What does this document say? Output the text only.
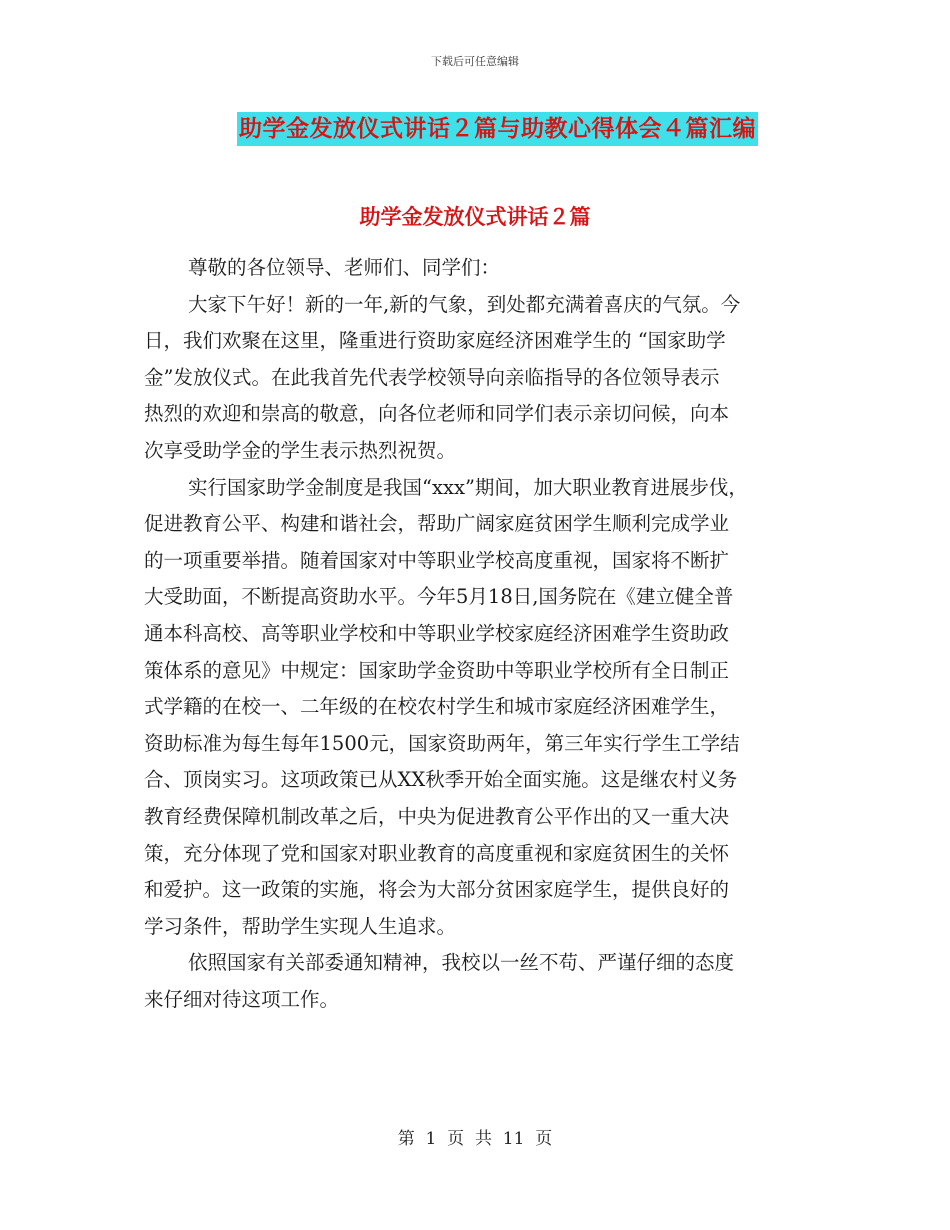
下载后可任意编辑
助学金发放仪式讲话２篇与助教心得体会４篇汇编
助学金发放仪式讲话２篇
尊敬的各位领导、老师们、同学们：
大家下午好！新的一年,新的气象，到处都充满着喜庆的气氛。今
日，我们欢聚在这里，隆重进行资助家庭经济困难学生的 “国家助学
金”发放仪式。在此我首先代表学校领导向亲临指导的各位领导表示
热烈的欢迎和崇高的敬意，向各位老师和同学们表示亲切问候，向本
次享受助学金的学生表示热烈祝贺。
实行国家助学金制度是我国“xxx”期间，加大职业教育进展步伐，
促进教育公平、构建和谐社会，帮助广阔家庭贫困学生顺利完成学业
的一项重要举措。随着国家对中等职业学校高度重视，国家将不断扩
大受助面，不断提高资助水平。今年5月18日,国务院在《建立健全普
通本科高校、高等职业学校和中等职业学校家庭经济困难学生资助政
策体系的意见》中规定：国家助学金资助中等职业学校所有全日制正
式学籍的在校一、二年级的在校农村学生和城市家庭经济困难学生，
资助标准为每生每年1500元，国家资助两年，第三年实行学生工学结
合、顶岗实习。这项政策已从XX秋季开始全面实施。这是继农村义务
教育经费保障机制改革之后，中央为促进教育公平作出的又一重大决
策，充分体现了党和国家对职业教育的高度重视和家庭贫困生的关怀
和爱护。这一政策的实施，将会为大部分贫困家庭学生，提供良好的
学习条件，帮助学生实现人生追求。
依照国家有关部委通知精神，我校以一丝不苟、严谨仔细的态度
来仔细对待这项工作。
第  1  页  共  11  页
